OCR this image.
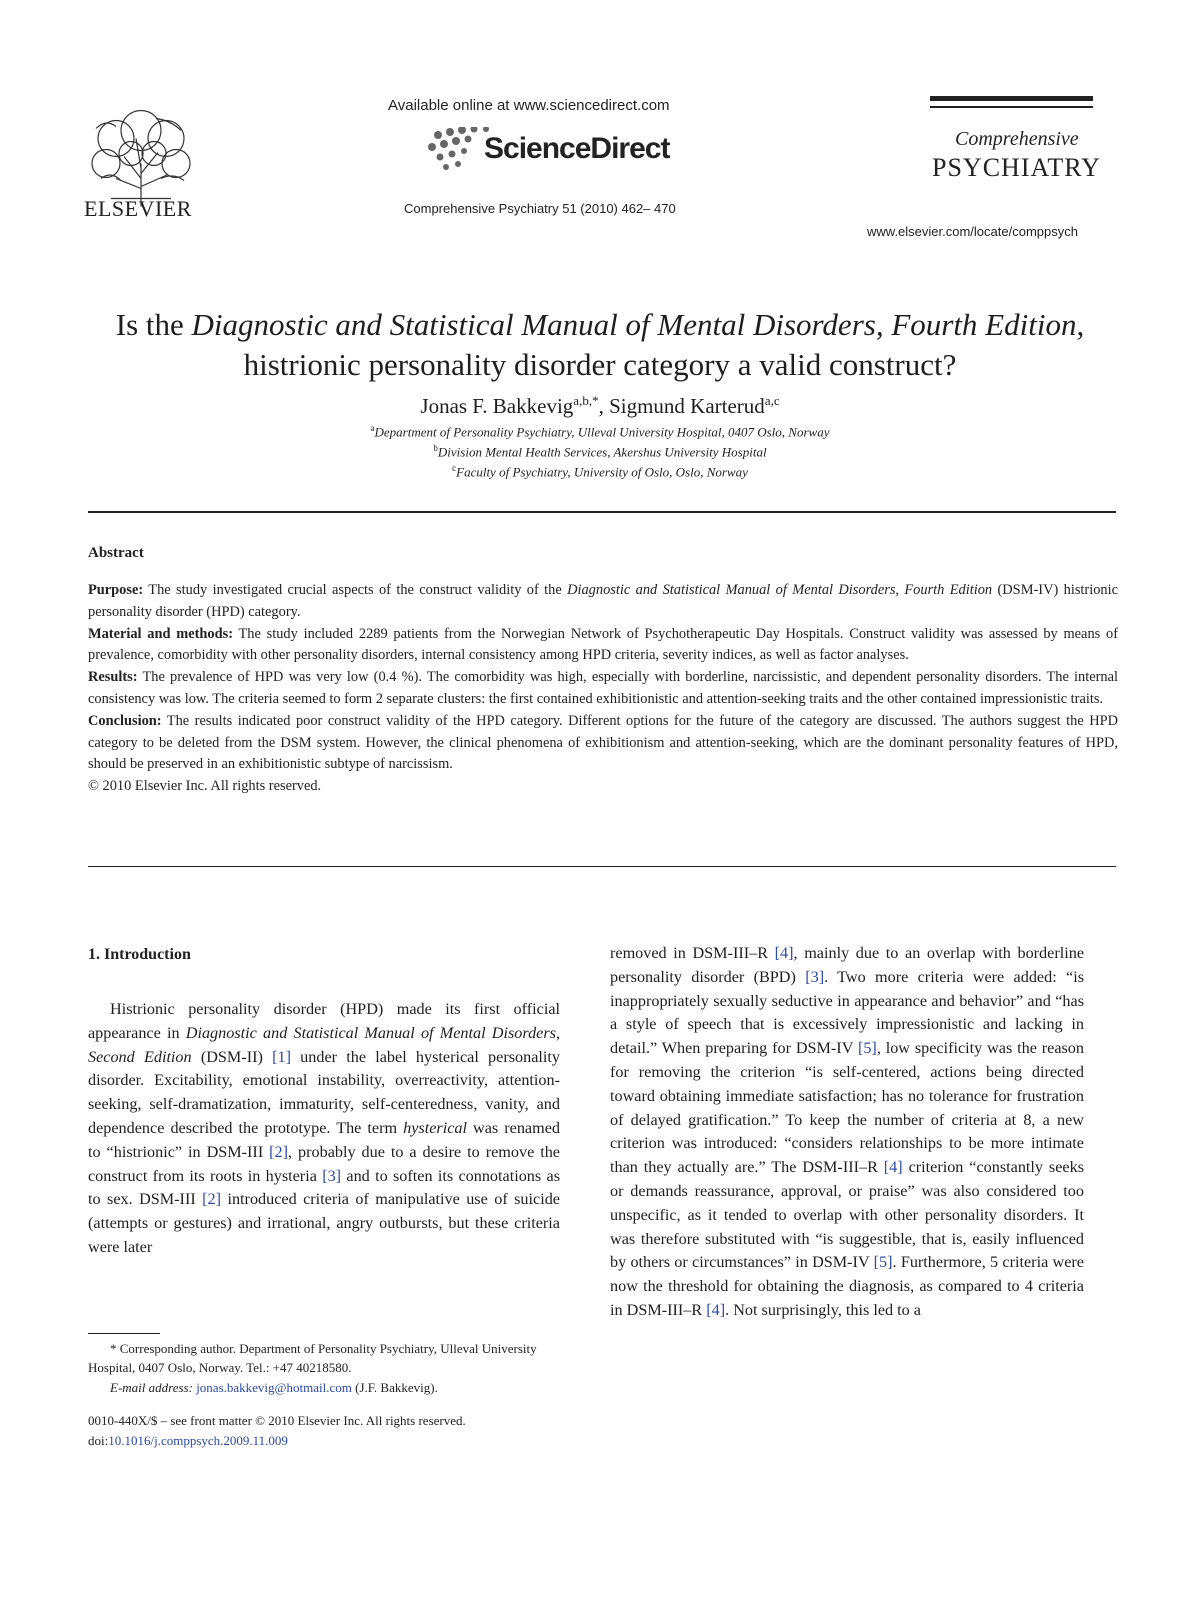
ELSEVIER
Available online at www.sciencedirect.com
ScienceDirect
Comprehensive Psychiatry 51 (2010) 462– 470
Comprehensive
PSYCHIATRY
www.elsevier.com/locate/comppsych
Is the Diagnostic and Statistical Manual of Mental Disorders, Fourth Edition, histrionic personality disorder category a valid construct?
Jonas F. Bakkevig$^{a,b,*}$, Sigmund Karterud$^{a,c}$
$^a$Department of Personality Psychiatry, Ulleval University Hospital, 0407 Oslo, Norway
$^b$Division Mental Health Services, Akershus University Hospital
$^c$Faculty of Psychiatry, University of Oslo, Oslo, Norway
Abstract

Purpose: The study investigated crucial aspects of the construct validity of the Diagnostic and Statistical Manual of Mental Disorders, Fourth Edition (DSM-IV) histrionic personality disorder (HPD) category.

Material and methods: The study included 2289 patients from the Norwegian Network of Psychotherapeutic Day Hospitals. Construct validity was assessed by means of prevalence, comorbidity with other personality disorders, internal consistency among HPD criteria, severity indices, as well as factor analyses.

Results: The prevalence of HPD was very low (0.4 %). The comorbidity was high, especially with borderline, narcissistic, and dependent personality disorders. The internal consistency was low. The criteria seemed to form 2 separate clusters: the first contained exhibitionistic and attention-seeking traits and the other contained impressionistic traits.

Conclusion: The results indicated poor construct validity of the HPD category. Different options for the future of the category are discussed. The authors suggest the HPD category to be deleted from the DSM system. However, the clinical phenomena of exhibitionism and attention-seeking, which are the dominant personality features of HPD, should be preserved in an exhibitionistic subtype of narcissism.

© 2010 Elsevier Inc. All rights reserved.

1. Introduction

Histrionic personality disorder (HPD) made its first official appearance in Diagnostic and Statistical Manual of Mental Disorders, Second Edition (DSM-II) [1] under the label hysterical personality disorder. Excitability, emotional instability, overreactivity, attention-seeking, self-dramatization, immaturity, self-centeredness, vanity, and dependence described the prototype. The term hysterical was renamed to “histrionic” in DSM-III [2], probably due to a desire to remove the construct from its roots in hysteria [3] and to soften its connotations as to sex. DSM-III [2] introduced criteria of manipulative use of suicide (attempts or gestures) and irrational, angry outbursts, but these criteria were later

removed in DSM-III–R [4], mainly due to an overlap with borderline personality disorder (BPD) [3]. Two more criteria were added: “is inappropriately sexually seductive in appearance and behavior” and “has a style of speech that is excessively impressionistic and lacking in detail.” When preparing for DSM-IV [5], low specificity was the reason for removing the criterion “is self-centered, actions being directed toward obtaining immediate satisfaction; has no tolerance for frustration of delayed gratification.” To keep the number of criteria at 8, a new criterion was introduced: “considers relationships to be more intimate than they actually are.” The DSM-III–R [4] criterion “constantly seeks or demands reassurance, approval, or praise” was also considered too unspecific, as it tended to overlap with other personality disorders. It was therefore substituted with “is suggestible, that is, easily influenced by others or circumstances” in DSM-IV [5]. Furthermore, 5 criteria were now the threshold for obtaining the diagnosis, as compared to 4 criteria in DSM-III–R [4]. Not surprisingly, this led to a

* Corresponding author. Department of Personality Psychiatry, Ulleval University Hospital, 0407 Oslo, Norway. Tel.: +47 40218580.
E-mail address: jonas.bakkevig@hotmail.com (J.F. Bakkevig).
0010-440X/$ – see front matter © 2010 Elsevier Inc. All rights reserved.
doi:10.1016/j.comppsych.2009.11.009
